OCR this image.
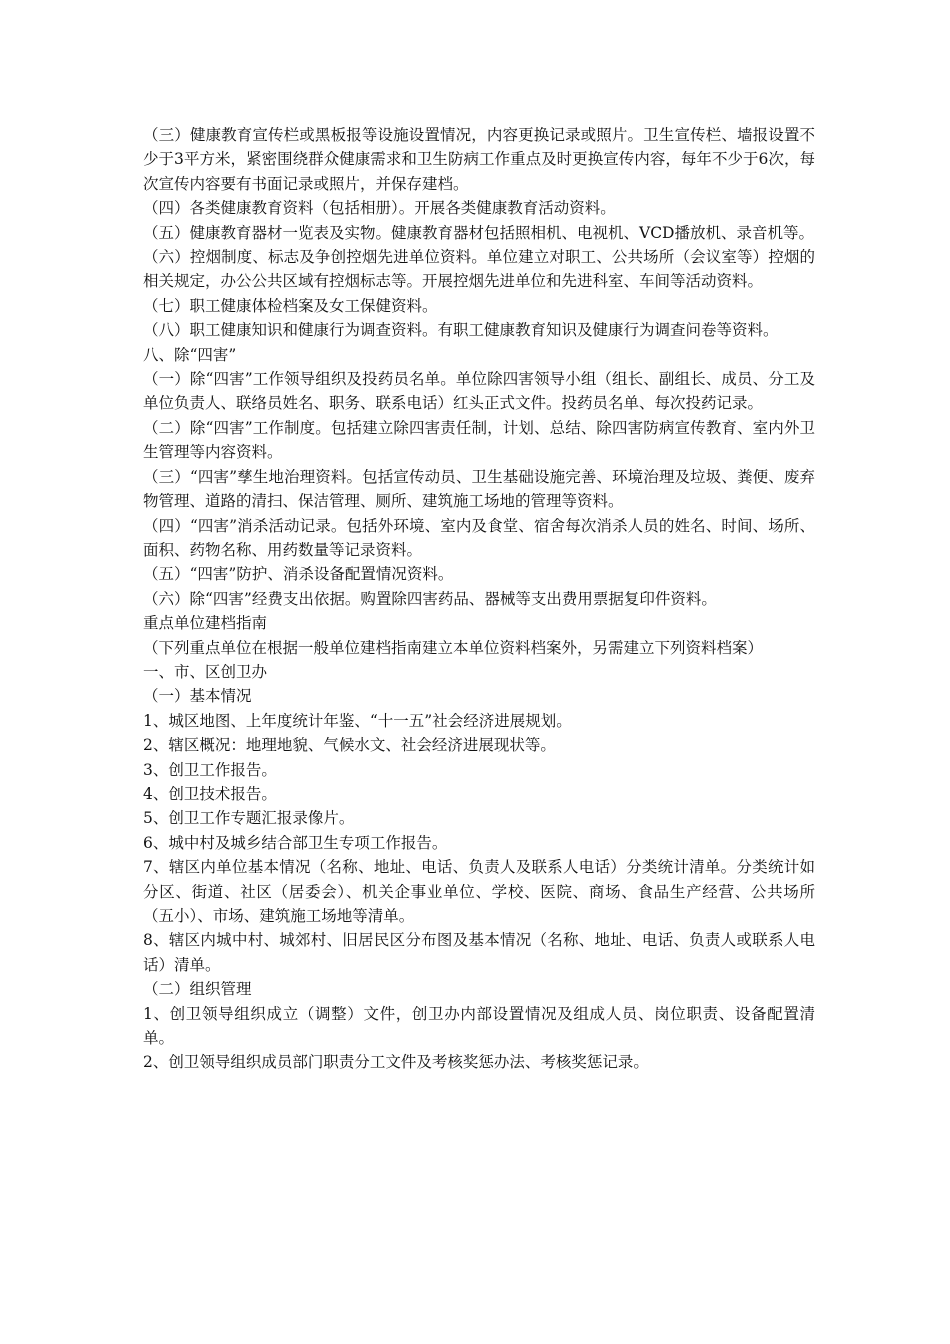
（三）健康教育宣传栏或黑板报等设施设置情况，内容更换记录或照片。卫生宣传栏、墙报设置不少于3平方米，紧密围绕群众健康需求和卫生防病工作重点及时更换宣传内容，每年不少于6次，每次宣传内容要有书面记录或照片，并保存建档。

（四）各类健康教育资料（包括相册）。开展各类健康教育活动资料。

（五）健康教育器材一览表及实物。健康教育器材包括照相机、电视机、VCD播放机、录音机等。

（六）控烟制度、标志及争创控烟先进单位资料。单位建立对职工、公共场所（会议室等）控烟的相关规定，办公公共区域有控烟标志等。开展控烟先进单位和先进科室、车间等活动资料。

（七）职工健康体检档案及女工保健资料。

（八）职工健康知识和健康行为调查资料。有职工健康教育知识及健康行为调查问卷等资料。

八、除“四害”

（一）除“四害”工作领导组织及投药员名单。单位除四害领导小组（组长、副组长、成员、分工及单位负责人、联络员姓名、职务、联系电话）红头正式文件。投药员名单、每次投药记录。

（二）除“四害”工作制度。包括建立除四害责任制，计划、总结、除四害防病宣传教育、室内外卫生管理等内容资料。

（三）“四害”孳生地治理资料。包括宣传动员、卫生基础设施完善、环境治理及垃圾、粪便、废弃物管理、道路的清扫、保洁管理、厕所、建筑施工场地的管理等资料。

（四）“四害”消杀活动记录。包括外环境、室内及食堂、宿舍每次消杀人员的姓名、时间、场所、面积、药物名称、用药数量等记录资料。

（五）“四害”防护、消杀设备配置情况资料。

（六）除“四害”经费支出依据。购置除四害药品、器械等支出费用票据复印件资料。

重点单位建档指南

（下列重点单位在根据一般单位建档指南建立本单位资料档案外，另需建立下列资料档案）

一、市、区创卫办

（一）基本情况

1、城区地图、上年度统计年鉴、“十一五”社会经济进展规划。

2、辖区概况：地理地貌、气候水文、社会经济进展现状等。

3、创卫工作报告。

4、创卫技术报告。

5、创卫工作专题汇报录像片。

6、城中村及城乡结合部卫生专项工作报告。

7、辖区内单位基本情况（名称、地址、电话、负责人及联系人电话）分类统计清单。分类统计如分区、街道、社区（居委会）、机关企事业单位、学校、医院、商场、食品生产经营、公共场所（五小）、市场、建筑施工场地等清单。

8、辖区内城中村、城郊村、旧居民区分布图及基本情况（名称、地址、电话、负责人或联系人电话）清单。

（二）组织管理

1、创卫领导组织成立（调整）文件，创卫办内部设置情况及组成人员、岗位职责、设备配置清单。

2、创卫领导组织成员部门职责分工文件及考核奖惩办法、考核奖惩记录。
